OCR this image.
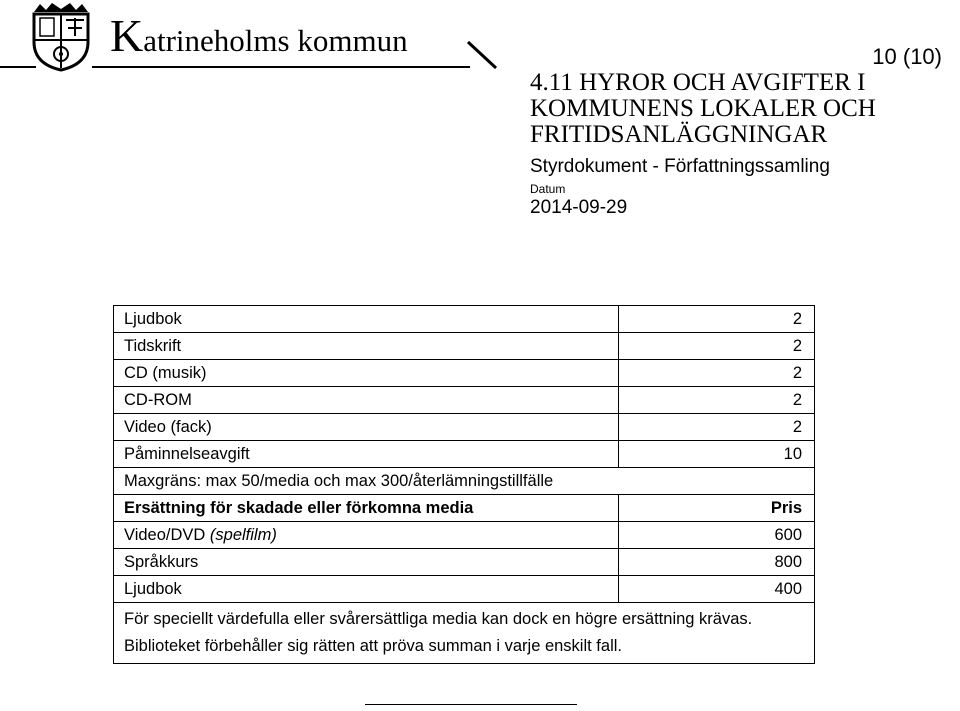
Katrineholms kommun	10 (10)
4.11 HYROR OCH AVGIFTER I KOMMUNENS LOKALER OCH FRITIDSANLÄGGNINGAR
Styrdokument - Författningssamling
Datum
2014-09-29
Ljudbok	2
Tidskrift	2
CD (musik)	2
CD-ROM	2
Video (fack)	2
Påminnelseavgift	10
Maxgräns: max 50/media och max 300/återlämningstillfälle	
Ersättning för skadade eller förkomna media	Pris
Video/DVD (spelfilm)	600
Språkkurs	800
Ljudbok	400

För speciellt värdefulla eller svårersättliga media kan dock en högre ersättning krävas.
Biblioteket förbehåller sig rätten att pröva summan i varje enskilt fall.	
